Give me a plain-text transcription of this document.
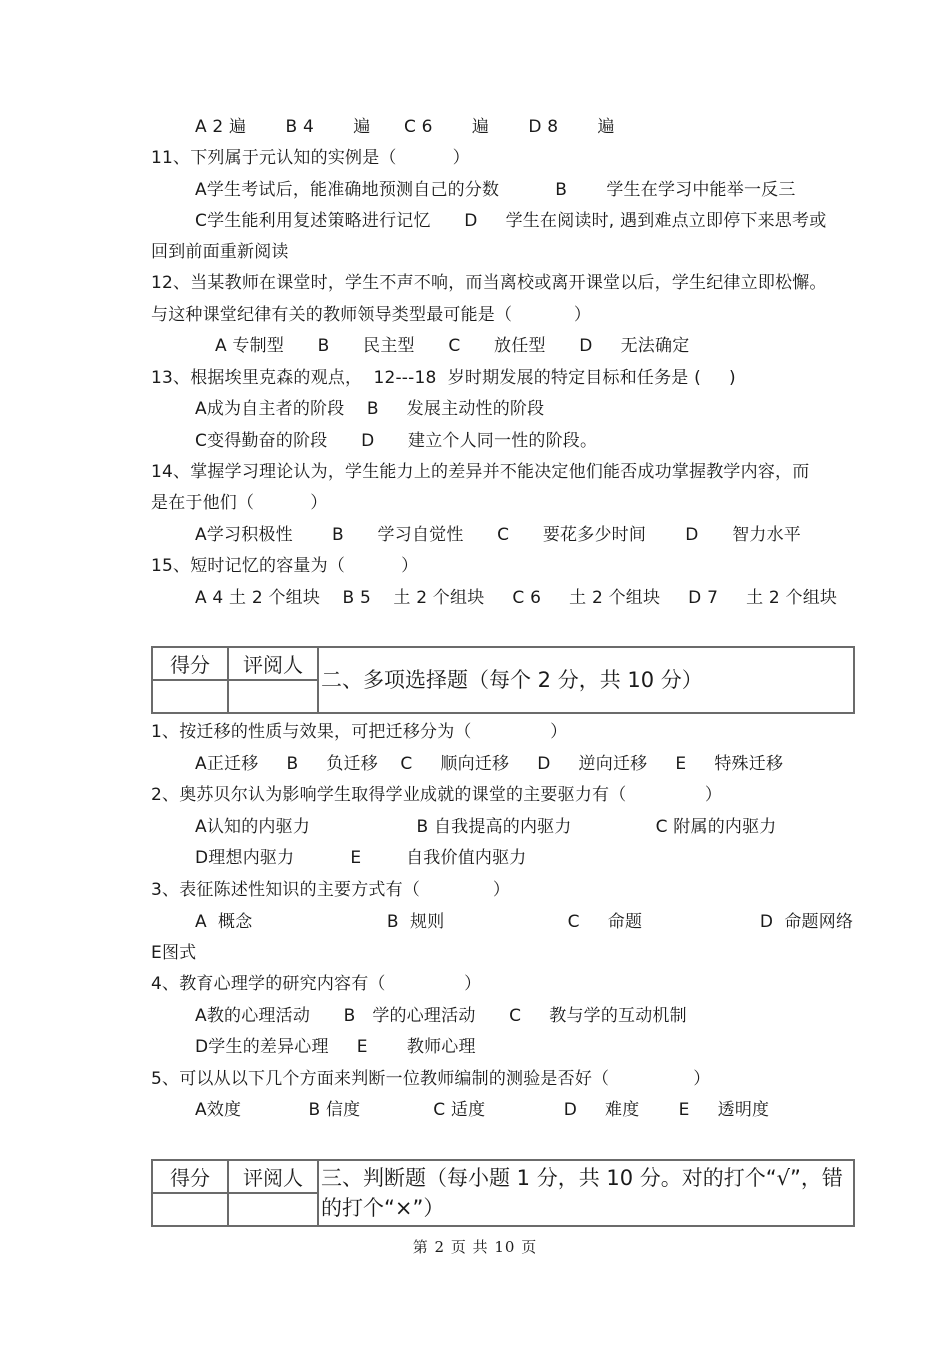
A 2 遍       B 4       遍      C 6       遍       D 8       遍
11、下列属于元认知的实例是（          ）
A学生考试后，能准确地预测自己的分数          B       学生在学习中能举一反三
C学生能利用复述策略进行记忆      D     学生在阅读时, 遇到难点立即停下来思考或
回到前面重新阅读
12、当某教师在课堂时，学生不声不响，而当离校或离开课堂以后，学生纪律立即松懈。
与这种课堂纪律有关的教师领导类型最可能是（           ）
A 专制型      B      民主型      C      放任型      D     无法确定
13、根据埃里克森的观点，  12---18  岁时期发展的特定目标和任务是 (     )
A成为自主者的阶段    B     发展主动性的阶段
C变得勤奋的阶段      D      建立个人同一性的阶段。
14、掌握学习理论认为，学生能力上的差异并不能决定他们能否成功掌握教学内容，而
是在于他们（          ）
A学习积极性       B      学习自觉性      C      要花多少时间       D      智力水平
15、短时记忆的容量为（          ）
A 4 土 2 个组块    B 5    土 2 个组块     C 6     土 2 个组块     D 7     土 2 个组块
1、按迁移的性质与效果，可把迁移分为（              ）
A正迁移     B     负迁移    C     顺向迁移     D     逆向迁移     E     特殊迁移
2、奥苏贝尔认为影响学生取得学业成就的课堂的主要驱力有（              ）
A认知的内驱力                   B 自我提高的内驱力               C 附属的内驱力
D理想内驱力          E        自我价值内驱力
3、表征陈述性知识的主要方式有（             ）
A  概念                        B  规则                      C     命题                     D  命题网络
E图式
4、教育心理学的研究内容有（              ）
A教的心理活动      B   学的心理活动      C     教与学的互动机制
D学生的差异心理     E       教师心理
5、可以从以下几个方面来判断一位教师编制的测验是否好（               ）
A效度            B 信度             C 适度              D     难度       E     透明度
得分	评阅人
二、多项选择题（每个 2 分，共 10 分）
得分	评阅人 三、判断题（每小题 1 分，共 10 分。对的打个“√”，错
的打个“×”）
第 2 页 共 10 页
